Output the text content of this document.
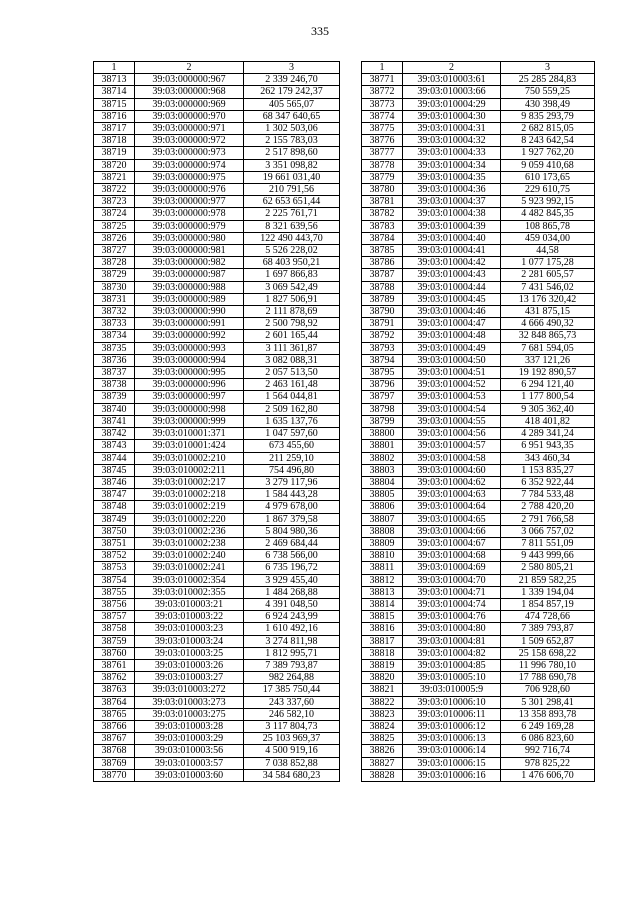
335
1	2	3
38713	39:03:000000:967	2 339 246,70
38714	39:03:000000:968	262 179 242,37
38715	39:03:000000:969	405 565,07
38716	39:03:000000:970	68 347 640,65
38717	39:03:000000:971	1 302 503,06
38718	39:03:000000:972	2 155 783,03
38719	39:03:000000:973	2 517 898,60
38720	39:03:000000:974	3 351 098,82
38721	39:03:000000:975	19 661 031,40
38722	39:03:000000:976	210 791,56
38723	39:03:000000:977	62 653 651,44
38724	39:03:000000:978	2 225 761,71
38725	39:03:000000:979	8 321 639,56
38726	39:03:000000:980	122 490 443,70
38727	39:03:000000:981	5 526 228,02
38728	39:03:000000:982	68 403 950,21
38729	39:03:000000:987	1 697 866,83
38730	39:03:000000:988	3 069 542,49
38731	39:03:000000:989	1 827 506,91
38732	39:03:000000:990	2 111 878,69
38733	39:03:000000:991	2 500 798,92
38734	39:03:000000:992	2 601 165,44
38735	39:03:000000:993	3 111 361,87
38736	39:03:000000:994	3 082 088,31
38737	39:03:000000:995	2 057 513,50
38738	39:03:000000:996	2 463 161,48
38739	39:03:000000:997	1 564 044,81
38740	39:03:000000:998	2 509 162,80
38741	39:03:000000:999	1 635 137,76
38742	39:03:010001:371	1 047 597,60
38743	39:03:010001:424	673 455,60
38744	39:03:010002:210	211 259,10
38745	39:03:010002:211	754 496,80
38746	39:03:010002:217	3 279 117,96
38747	39:03:010002:218	1 584 443,28
38748	39:03:010002:219	4 979 678,00
38749	39:03:010002:220	1 867 379,58
38750	39:03:010002:236	5 804 980,36
38751	39:03:010002:238	2 469 684,44
38752	39:03:010002:240	6 738 566,00
38753	39:03:010002:241	6 735 196,72
38754	39:03:010002:354	3 929 455,40
38755	39:03:010002:355	1 484 268,88
38756	39:03:010003:21	4 391 048,50
38757	39:03:010003:22	6 924 243,99
38758	39:03:010003:23	1 610 492,16
38759	39:03:010003:24	3 274 811,98
38760	39:03:010003:25	1 812 995,71
38761	39:03:010003:26	7 389 793,87
38762	39:03:010003:27	982 264,88
38763	39:03:010003:272	17 385 750,44
38764	39:03:010003:273	243 337,60
38765	39:03:010003:275	246 582,10
38766	39:03:010003:28	3 117 804,73
38767	39:03:010003:29	25 103 969,37
38768	39:03:010003:56	4 500 919,16
38769	39:03:010003:57	7 038 852,88
38770	39:03:010003:60	34 584 680,23
1	2	3
38771	39:03:010003:61	25 285 284,83
38772	39:03:010003:66	750 559,25
38773	39:03:010004:29	430 398,49
38774	39:03:010004:30	9 835 293,79
38775	39:03:010004:31	2 682 815,05
38776	39:03:010004:32	8 243 642,54
38777	39:03:010004:33	1 927 762,20
38778	39:03:010004:34	9 059 410,68
38779	39:03:010004:35	610 173,65
38780	39:03:010004:36	229 610,75
38781	39:03:010004:37	5 923 992,15
38782	39:03:010004:38	4 482 845,35
38783	39:03:010004:39	108 865,78
38784	39:03:010004:40	459 034,00
38785	39:03:010004:41	44,58
38786	39:03:010004:42	1 077 175,28
38787	39:03:010004:43	2 281 605,57
38788	39:03:010004:44	7 431 546,02
38789	39:03:010004:45	13 176 320,42
38790	39:03:010004:46	431 875,15
38791	39:03:010004:47	4 666 490,32
38792	39:03:010004:48	32 848 865,73
38793	39:03:010004:49	7 681 594,05
38794	39:03:010004:50	337 121,26
38795	39:03:010004:51	19 192 890,57
38796	39:03:010004:52	6 294 121,40
38797	39:03:010004:53	1 177 800,54
38798	39:03:010004:54	9 305 362,40
38799	39:03:010004:55	418 401,82
38800	39:03:010004:56	4 289 341,24
38801	39:03:010004:57	6 951 943,35
38802	39:03:010004:58	343 460,34
38803	39:03:010004:60	1 153 835,27
38804	39:03:010004:62	6 352 922,44
38805	39:03:010004:63	7 784 533,48
38806	39:03:010004:64	2 788 420,20
38807	39:03:010004:65	2 791 766,58
38808	39:03:010004:66	3 066 757,02
38809	39:03:010004:67	7 811 551,09
38810	39:03:010004:68	9 443 999,66
38811	39:03:010004:69	2 580 805,21
38812	39:03:010004:70	21 859 582,25
38813	39:03:010004:71	1 339 194,04
38814	39:03:010004:74	1 854 857,19
38815	39:03:010004:76	474 728,66
38816	39:03:010004:80	7 389 793,87
38817	39:03:010004:81	1 509 652,87
38818	39:03:010004:82	25 158 698,22
38819	39:03:010004:85	11 996 780,10
38820	39:03:010005:10	17 788 690,78
38821	39:03:010005:9	706 928,60
38822	39:03:010006:10	5 301 298,41
38823	39:03:010006:11	13 358 893,78
38824	39:03:010006:12	6 249 169,28
38825	39:03:010006:13	6 086 823,60
38826	39:03:010006:14	992 716,74
38827	39:03:010006:15	978 825,22
38828	39:03:010006:16	1 476 606,70
